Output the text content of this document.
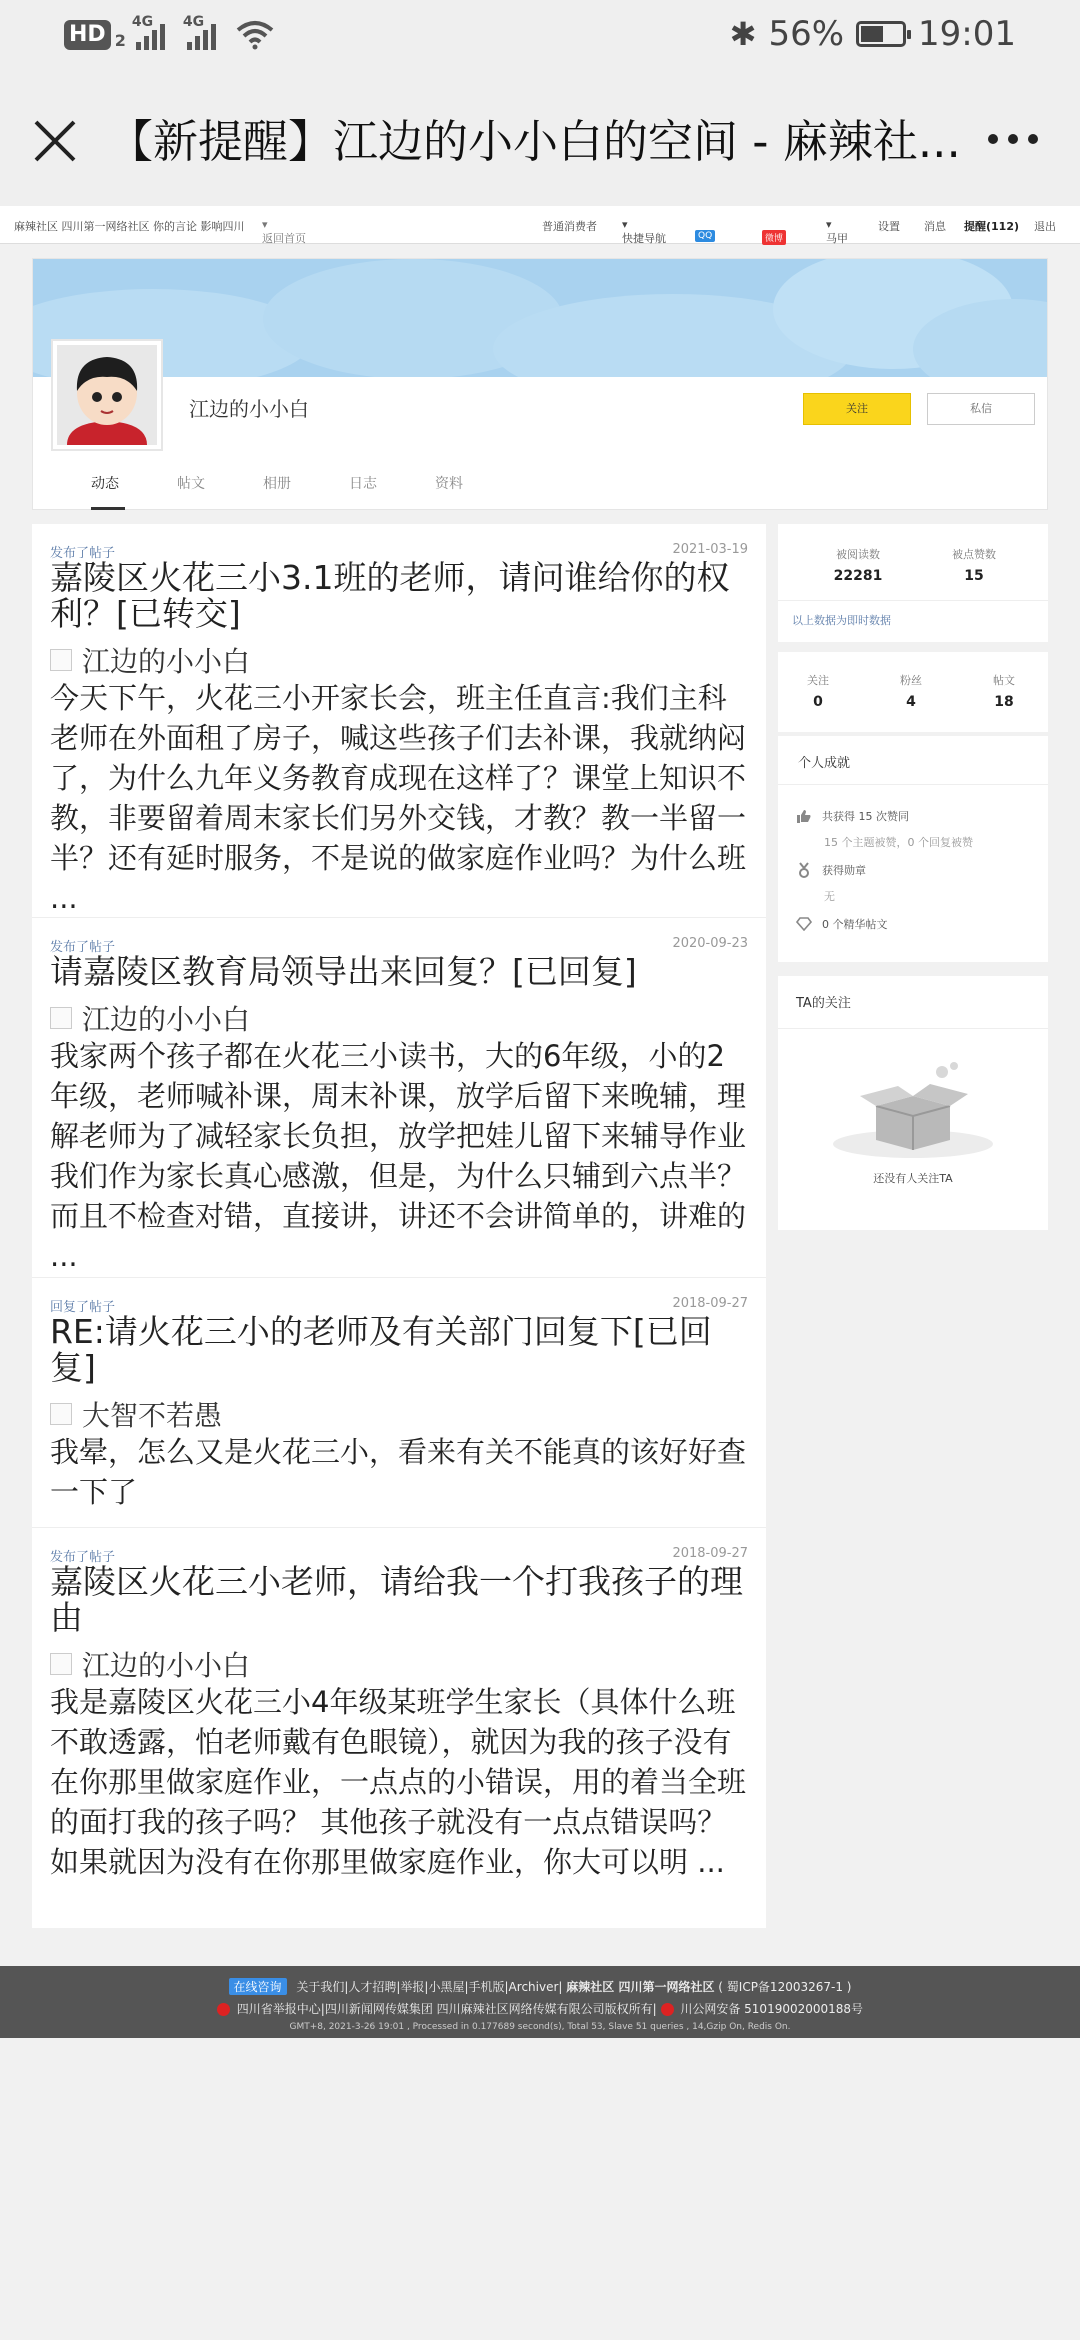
HD 2
4G 4G	✱ 56% 19:01
【新提醒】江边的小小白的空间 - 麻辣社...
麻辣社区 四川第一网络社区 你的言论 影响四川
返回首页
▾	普通消费者
快捷导航
▾
QQ	微博	马甲
▾	设置 消息 提醒(112) 退出
江边的小小白	关注	私信
动态	帖文	相册	日志	资料
发布了帖子	2021-03-19
嘉陵区火花三小3.1班的老师，请问谁给你的权利？[已转交]
江边的小小白
今天下午，火花三小开家长会，班主任直言:我们主科老师在外面租了房子，喊这些孩子们去补课，我就纳闷了，为什么九年义务教育成现在这样了？课堂上知识不教，非要留着周末家长们另外交钱，才教？教一半留一半？还有延时服务，不是说的做家庭作业吗？为什么班 ...
发布了帖子	2020-09-23
请嘉陵区教育局领导出来回复？[已回复]
江边的小小白
我家两个孩子都在火花三小读书，大的6年级，小的2年级，老师喊补课，周末补课，放学后留下来晚辅，理解老师为了减轻家长负担，放学把娃儿留下来辅导作业我们作为家长真心感激，但是，为什么只辅到六点半？而且不检查对错，直接讲，讲还不会讲简单的，讲难的 ...
回复了帖子	2018-09-27
RE:请火花三小的老师及有关部门回复下[已回复]
大智不若愚
我晕，怎么又是火花三小，看来有关不能真的该好好查一下了
发布了帖子	2018-09-27
嘉陵区火花三小老师，请给我一个打我孩子的理由
江边的小小白
我是嘉陵区火花三小4年级某班学生家长（具体什么班不敢透露，怕老师戴有色眼镜），就因为我的孩子没有在你那里做家庭作业，一点点的小错误，用的着当全班的面打我的孩子吗？ 其他孩子就没有一点点错误吗？如果就因为没有在你那里做家庭作业，你大可以明 ...
被阅读数
22281
被点赞数
15
以上数据为即时数据
关注
0
粉丝
4
帖文
18
个人成就
共获得 15 次赞同
15 个主题被赞，0 个回复被赞
获得勋章
无
0 个精华帖文
TA的关注
还没有人关注TA
在线咨询 关于我们|人才招聘|举报|小黑屋|手机版|Archiver| 麻辣社区 四川第一网络社区 ( 蜀ICP备12003267-1 )
四川省举报中心|四川新闻网传媒集团 四川麻辣社区网络传媒有限公司版权所有| 川公网安备 51019002000188号
GMT+8, 2021-3-26 19:01 , Processed in 0.177689 second(s), Total 53, Slave 51 queries , 14,Gzip On, Redis On.
